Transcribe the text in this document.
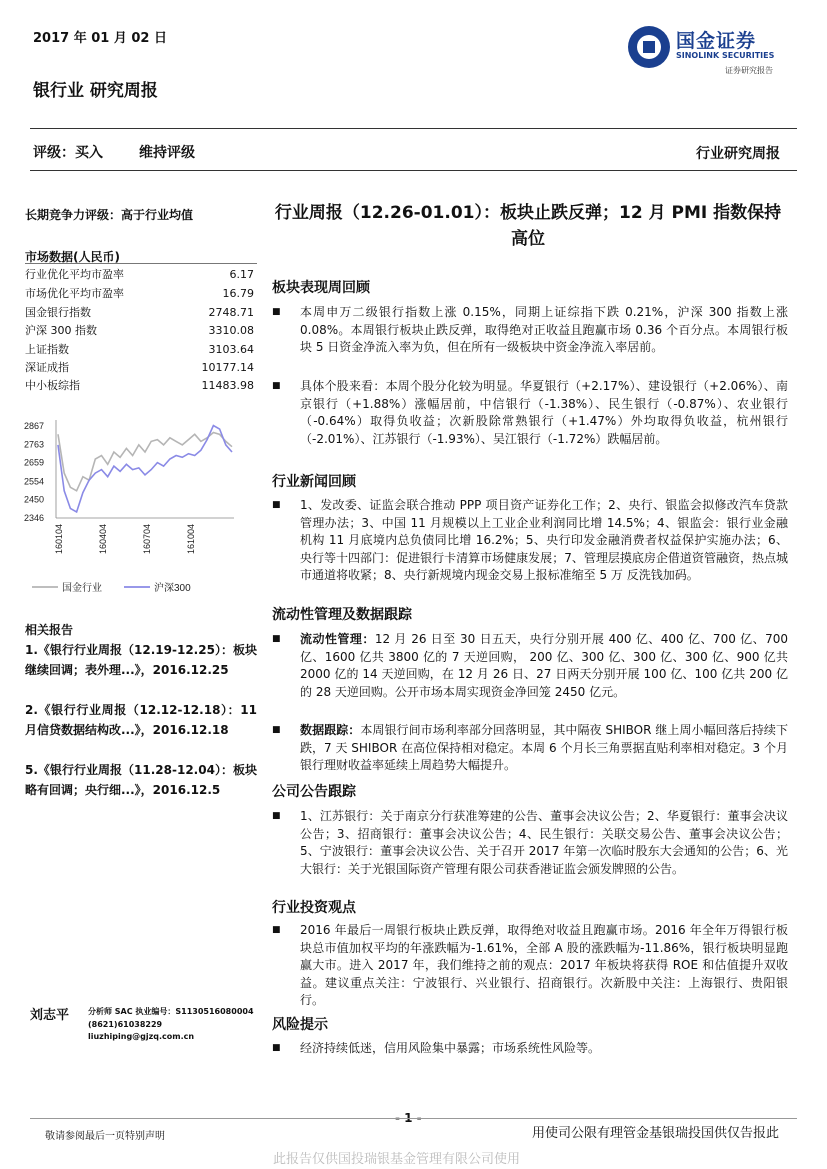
2017 年 01 月 02 日	国金证券
SINOLINK SECURITIES
证券研究报告
银行业 研究周报
评级：买入	维持评级	行业研究周报
长期竞争力评级：高于行业均值
市场数据(人民币)
行业优化平均市盈率	6.17
市场优化平均市盈率	16.79
国金银行指数	2748.71
沪深 300 指数	3310.08
上证指数	3103.64
深证成指	10177.14
中小板综指	11483.98
2867
2763
2659
2554
2450
2346
160104	160404	160704	161004
国金行业	沪深300
相关报告
1.《银行行业周报（12.19-12.25）：板块继续回调；表外理...》，2016.12.25
2.《银行行业周报（12.12-12.18）：11 月信贷数据结构改...》，2016.12.18
5.《银行行业周报（11.28-12.04）：板块略有回调；央行细...》，2016.12.5
刘志平 分析师 SAC 执业编号：S1130516080004
(8621)61038229
liuzhiping@gjzq.com.cn
行业周报（12.26-01.01）：板块止跌反弹；12 月 PMI 指数保持高位
板块表现周回顾
■ 本周申万二级银行指数上涨 0.15%，同期上证综指下跌 0.21%，沪深 300 指数上涨 0.08%。本周银行板块止跌反弹，取得绝对正收益且跑赢市场 0.36 个百分点。本周银行板块 5 日资金净流入率为负，但在所有一级板块中资金净流入率居前。
■ 具体个股来看：本周个股分化较为明显。华夏银行（+2.17%）、建设银行（+2.06%）、南京银行（+1.88%）涨幅居前，中信银行（-1.38%）、民生银行（-0.87%）、农业银行（-0.64%）取得负收益；次新股除常熟银行（+1.47%）外均取得负收益，杭州银行（-2.01%）、江苏银行（-1.93%）、吴江银行（-1.72%）跌幅居前。
行业新闻回顾
■ 1、发改委、证监会联合推动 PPP 项目资产证券化工作；2、央行、银监会拟修改汽车贷款管理办法；3、中国 11 月规模以上工业企业利润同比增 14.5%；4、银监会：银行业金融机构 11 月底境内总负债同比增 16.2%；5、央行印发金融消费者权益保护实施办法；6、央行等十四部门：促进银行卡清算市场健康发展；7、管理层摸底房企借道资管融资，热点城市通道将收紧；8、央行新规境内现金交易上报标准缩至 5 万 反洗钱加码。
流动性管理及数据跟踪
■ 流动性管理：12 月 26 日至 30 日五天，央行分别开展 400 亿、400 亿、700 亿、700 亿、1600 亿共 3800 亿的 7 天逆回购， 200 亿、300 亿、300 亿、300 亿、900 亿共 2000 亿的 14 天逆回购，在 12 月 26 日、27 日两天分别开展 100 亿、100 亿共 200 亿的 28 天逆回购。公开市场本周实现资金净回笼 2450 亿元。
■ 数据跟踪：本周银行间市场利率部分回落明显，其中隔夜 SHIBOR 继上周小幅回落后持续下跌，7 天 SHIBOR 在高位保持相对稳定。本周 6 个月长三角票据直贴利率相对稳定。3 个月银行理财收益率延续上周趋势大幅提升。
公司公告跟踪
■ 1、江苏银行：关于南京分行获准筹建的公告、董事会决议公告；2、华夏银行：董事会决议公告；3、招商银行：董事会决议公告；4、民生银行：关联交易公告、董事会决议公告；5、宁波银行：董事会决议公告、关于召开 2017 年第一次临时股东大会通知的公告；6、光大银行：关于光银国际资产管理有限公司获香港证监会颁发牌照的公告。
行业投资观点
■ 2016 年最后一周银行板块止跌反弹，取得绝对收益且跑赢市场。2016 年全年万得银行板块总市值加权平均的年涨跌幅为-1.61%，全部 A 股的涨跌幅为-11.86%，银行板块明显跑赢大市。进入 2017 年，我们维持之前的观点：2017 年板块将获得 ROE 和估值提升双收益。建议重点关注：宁波银行、兴业银行、招商银行。次新股中关注：上海银行、贵阳银行。
风险提示
■ 经济持续低迷，信用风险集中暴露；市场系统性风险等。
- 1 -
敬请参阅最后一页特别声明	用使司公限有理管金基银瑞投国供仅告报此
此报告仅供国投瑞银基金管理有限公司使用
